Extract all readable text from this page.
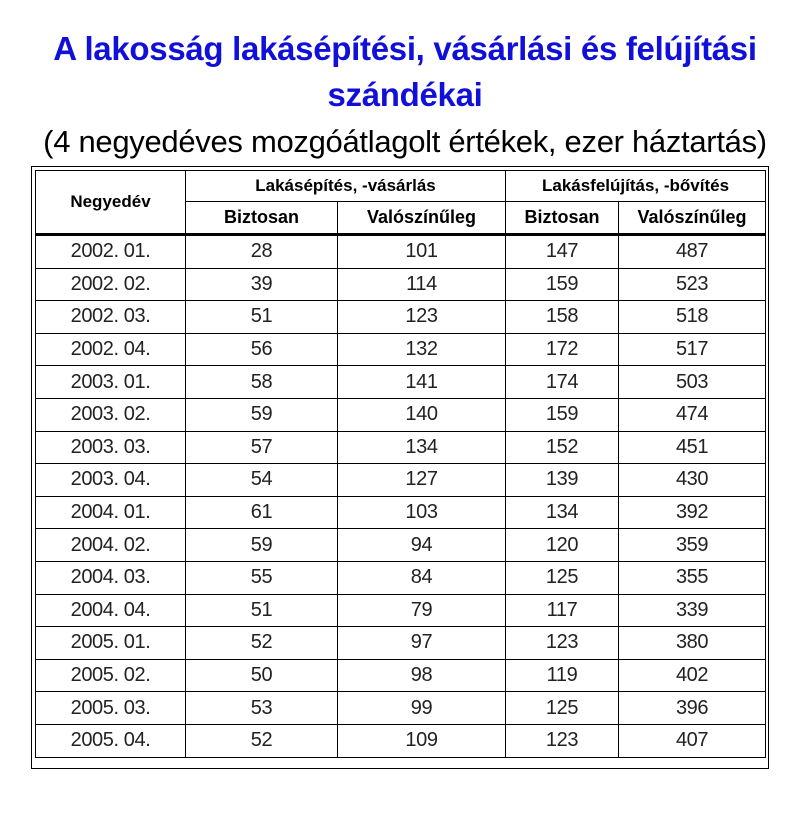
A lakosság lakásépítési, vásárlási és felújítási
szándékai
(4 negyedéves mozgóátlagolt értékek, ezer háztartás)
Negyedév	Lakásépítés, -vásárlás		Lakásfelújítás, -bővítés	
	Biztosan	Valószínűleg	Biztosan	Valószínűleg
2002. 01.	28	101	147	487
2002. 02.	39	114	159	523
2002. 03.	51	123	158	518
2002. 04.	56	132	172	517
2003. 01.	58	141	174	503
2003. 02.	59	140	159	474
2003. 03.	57	134	152	451
2003. 04.	54	127	139	430
2004. 01.	61	103	134	392
2004. 02.	59	94	120	359
2004. 03.	55	84	125	355
2004. 04.	51	79	117	339
2005. 01.	52	97	123	380
2005. 02.	50	98	119	402
2005. 03.	53	99	125	396
2005. 04.	52	109	123	407
